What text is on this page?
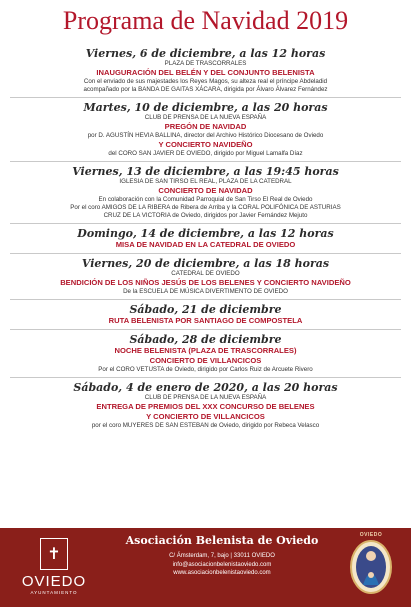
Programa de Navidad 2019
Viernes, 6 de diciembre, a las 12 horas
PLAZA DE TRASCORRALES
INAUGURACIÓN DEL BELÉN Y DEL CONJUNTO BELENISTA
Con el enviado de sus majestades los Reyes Magos, su alteza real el príncipe Abdeladid
acompañado por la BANDA DE GAITAS XÁCARA, dirigida por Álvaro Álvarez Fernández
Martes, 10 de diciembre, a las 20 horas
CLUB DE PRENSA DE LA NUEVA ESPAÑA
PREGÓN DE NAVIDAD
por D. AGUSTÍN HEVIA BALLINA, director del Archivo Histórico Diocesano de Oviedo
Y CONCIERTO NAVIDEÑO
del CORO SAN JAVIER DE OVIEDO, dirigido por Miguel Lamalfa Díaz
Viernes, 13 de diciembre, a las 19:45 horas
IGLESIA DE SAN TIRSO EL REAL, PLAZA DE LA CATEDRAL
CONCIERTO DE NAVIDAD
En colaboración con la Comunidad Parroquial de San Tirso El Real de Oviedo
Por el coro AMIGOS DE LA RIBERA de Ribera de Arriba y la CORAL POLIFÓNICA DE ASTURIAS
CRUZ DE LA VICTORIA de Oviedo, dirigidos por Javier Fernández Mejuto
Domingo, 14 de diciembre, a las 12 horas
MISA DE NAVIDAD EN LA CATEDRAL DE OVIEDO
Viernes, 20 de diciembre, a las 18 horas
CATEDRAL DE OVIEDO
BENDICIÓN DE LOS NIÑOS JESÚS DE LOS BELENES Y CONCIERTO NAVIDEÑO
De la ESCUELA DE MÚSICA DIVERTIMENTO DE OVIEDO
Sábado, 21 de diciembre
RUTA BELENISTA POR SANTIAGO DE COMPOSTELA
Sábado, 28 de diciembre
NOCHE BELENISTA (PLAZA DE TRASCORRALES)
CONCIERTO DE VILLANCICOS
Por el CORO VETUSTA de Oviedo, dirigido por Carlos Ruiz de Arcuete Rivero
Sábado, 4 de enero de 2020, a las 20 horas
CLUB DE PRENSA DE LA NUEVA ESPAÑA
ENTREGA DE PREMIOS DEL XXX CONCURSO DE BELENES
Y CONCIERTO DE VILLANCICOS
por el coro MUYERES DE SAN ESTEBAN de Oviedo, dirigido por Rebeca Velasco
✝
OVIEDO
AYUNTAMIENTO
Asociación Belenista de Oviedo
C/ Ámsterdam, 7, bajo | 33011 OVIEDO
info@asociacionbelenistaoviedo.com
www.asociacionbelenistaoviedo.com
OVIEDO
